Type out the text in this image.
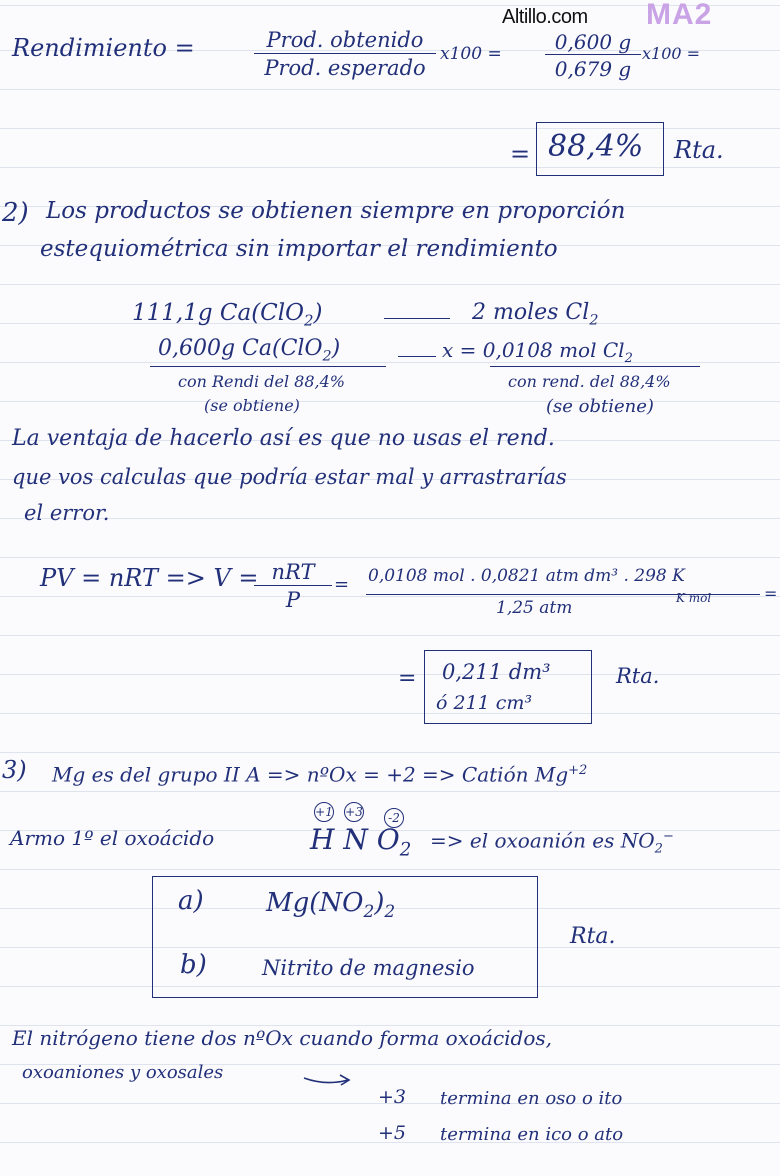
Altillo.com MA2
Rendimiento =	Prod. obtenido
Prod. esperado
$x100 = \frac{0,600 g}{0,679 g} x100$ =
= 88,4% Rta.
2) Los productos se obtienen siempre en proporción
estequiométrica sin importar el rendimiento
111,1g Ca(ClO$_2$)	2 moles $Cl_2$
0,600g Ca(ClO$_2$)	x = 0,0108 mol $Cl_2$
con Rendi del 88,4%
(se obtiene)
con rend. del 88,4%
(se obtiene)
La ventaja de hacerlo así es que no usas el rend.
que vos calculas que podría estar mal y arrastrarías
el error.
PV = nRT => V = nRT
P
= 0,0108 mol . 0,0821 atm dm³ . 298 K
K mol
1,25 atm
=
= 0,211 dm³
ó 211 cm³
Rta.
3) Mg es del grupo II A => nºOx = +2 => Catión $Mg^{+2}$
Armo 1º el oxoácido
+1 +3	-2
H N $O_2$ => el oxoanión es $NO_2^-$
a) $Mg(NO_2)_2$
b)	Nitrito de magnesio
Rta.
El nitrógeno tiene dos nºOx cuando forma oxoácidos,
oxoaniones y oxosales
+3 termina en oso o ito
+5 termina en ico o ato
